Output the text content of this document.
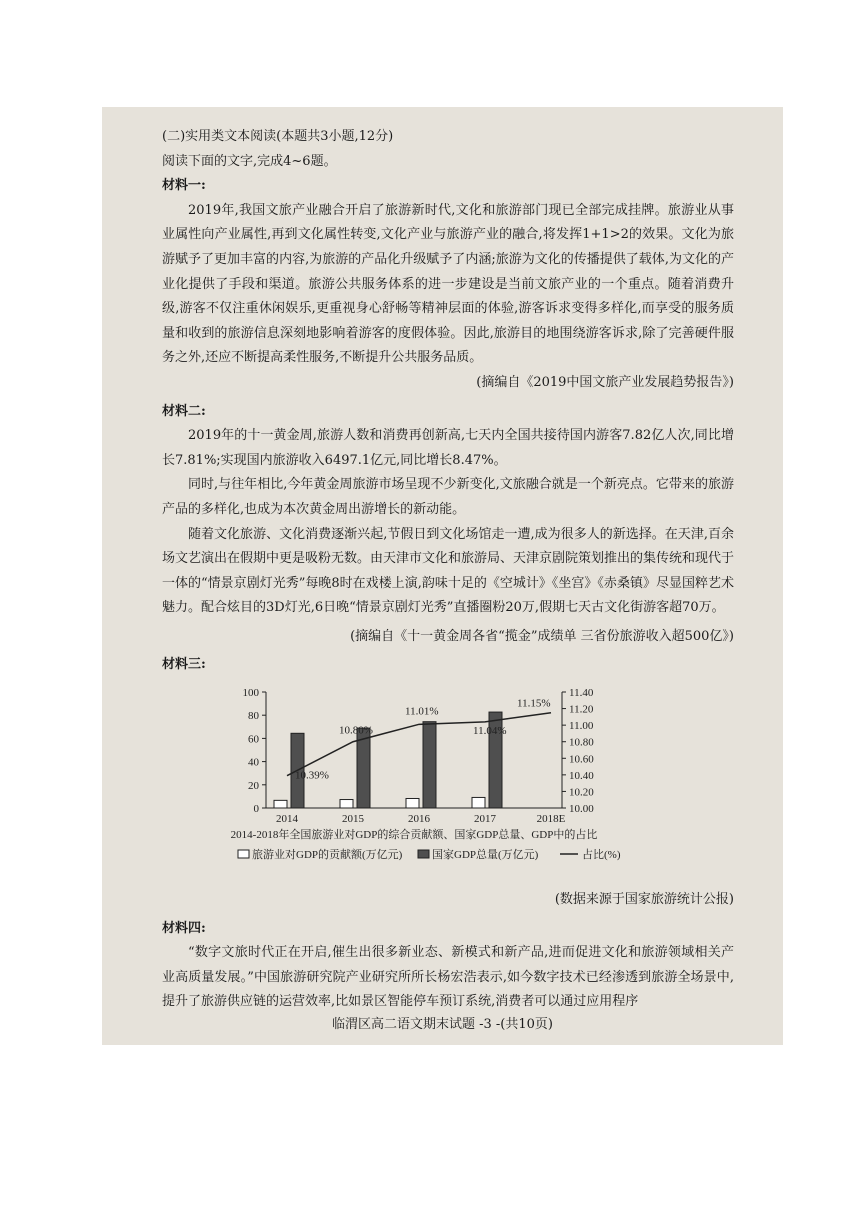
(二)实用类文本阅读(本题共3小题,12分)

阅读下面的文字,完成4~6题。

材料一:

2019年,我国文旅产业融合开启了旅游新时代,文化和旅游部门现已全部完成挂牌。旅游业从事业属性向产业属性,再到文化属性转变,文化产业与旅游产业的融合,将发挥1+1>2的效果。文化为旅游赋予了更加丰富的内容,为旅游的产品化升级赋予了内涵;旅游为文化的传播提供了载体,为文化的产业化提供了手段和渠道。旅游公共服务体系的进一步建设是当前文旅产业的一个重点。随着消费升级,游客不仅注重休闲娱乐,更重视身心舒畅等精神层面的体验,游客诉求变得多样化,而享受的服务质量和收到的旅游信息深刻地影响着游客的度假体验。因此,旅游目的地围绕游客诉求,除了完善硬件服务之外,还应不断提高柔性服务,不断提升公共服务品质。

(摘编自《2019中国文旅产业发展趋势报告》)

材料二:

2019年的十一黄金周,旅游人数和消费再创新高,七天内全国共接待国内游客7.82亿人次,同比增长7.81%;实现国内旅游收入6497.1亿元,同比增长8.47%。

同时,与往年相比,今年黄金周旅游市场呈现不少新变化,文旅融合就是一个新亮点。它带来的旅游产品的多样化,也成为本次黄金周出游增长的新动能。

随着文化旅游、文化消费逐渐兴起,节假日到文化场馆走一遭,成为很多人的新选择。在天津,百余场文艺演出在假期中更是吸粉无数。由天津市文化和旅游局、天津京剧院策划推出的集传统和现代于一体的“情景京剧灯光秀”每晚8时在戏楼上演,韵味十足的《空城计》《坐宫》《赤桑镇》尽显国粹艺术魅力。配合炫目的3D灯光,6日晚“情景京剧灯光秀”直播圈粉20万,假期七天古文化街游客超70万。

(摘编自《十一黄金周各省“揽金”成绩单 三省份旅游收入超500亿》)

材料三:

0
20
40
60
80
100
10.00
10.20
10.40
10.60
10.80
11.00
11.20
11.40
2014	2015	2016	2017	2018E
10.39%
10.80%
11.01%
11.04%
11.15%
2014-2018年全国旅游业对GDP的综合贡献额、国家GDP总量、GDP中的占比
旅游业对GDP的贡献额(万亿元)	国家GDP总量(万亿元)	占比(%)

(数据来源于国家旅游统计公报)

材料四:

“数字文旅时代正在开启,催生出很多新业态、新模式和新产品,进而促进文化和旅游领域相关产业高质量发展。”中国旅游研究院产业研究所所长杨宏浩表示,如今数字技术已经渗透到旅游全场景中,提升了旅游供应链的运营效率,比如景区智能停车预订系统,消费者可以通过应用程序

临渭区高二语文期末试题 -3 -(共10页)
